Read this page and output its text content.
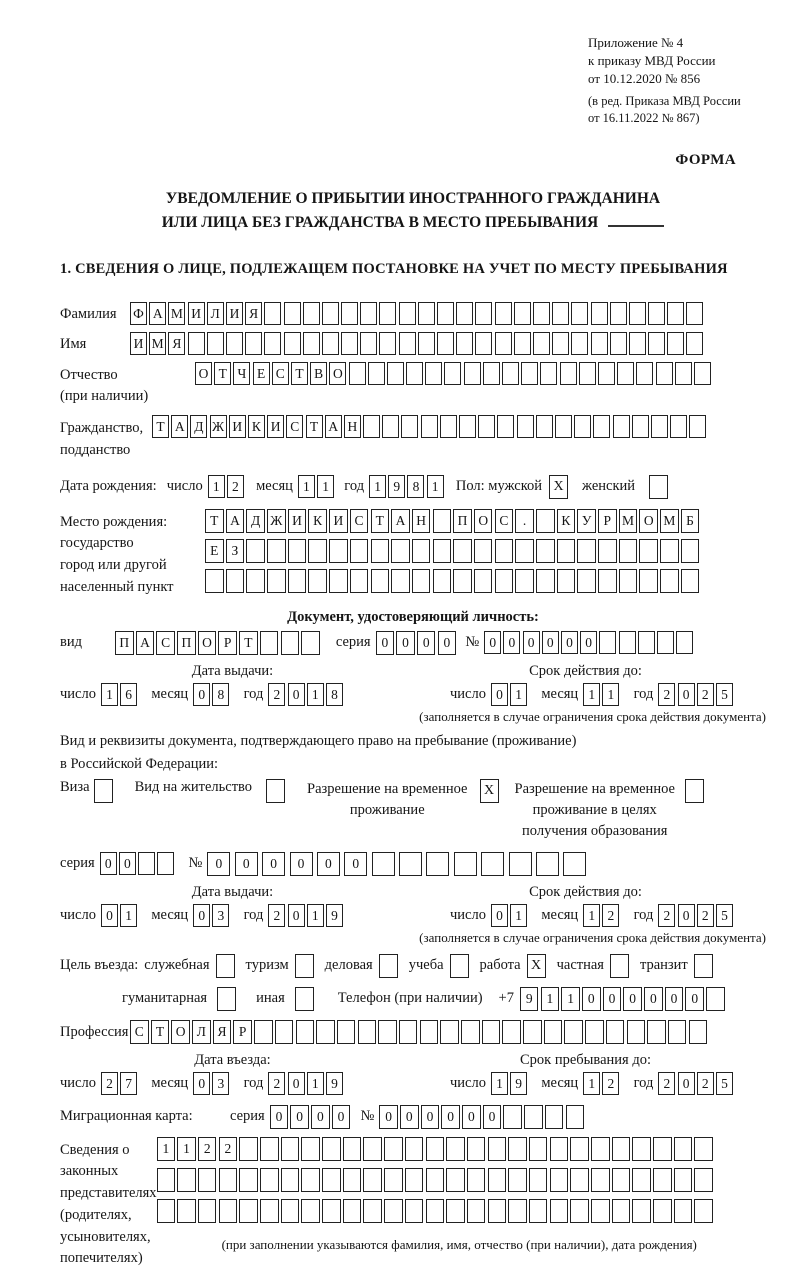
Приложение № 4
к приказу МВД России
от 10.12.2020 № 856
(в ред. Приказа МВД России
от 16.11.2022 № 867)
ФОРМА
УВЕДОМЛЕНИЕ О ПРИБЫТИИ ИНОСТРАННОГО ГРАЖДАНИНА
ИЛИ ЛИЦА БЕЗ ГРАЖДАНСТВА В МЕСТО ПРЕБЫВАНИЯ
1. СВЕДЕНИЯ О ЛИЦЕ, ПОДЛЕЖАЩЕМ ПОСТАНОВКЕ НА УЧЕТ ПО МЕСТУ ПРЕБЫВАНИЯ
Фамилия	Ф А М И Л И Я
Имя	И М Я
Отчество
(при наличии)
О Т Ч Е С Т В О
Гражданство,
подданство
Т А Д Ж И К И С Т А Н
Дата рождения: число 1 2	месяц 1 1	год 1 9 8 1	Пол: мужской X	женский
Место рождения:
государство
город или другой
населенный пункт
Т А Д Ж И К И С Т А Н	П О С	.	К У Р М О М Б
Е З
Документ, удостоверяющий личность:
вид	П А С П О Р Т	серия 0	0	0	0	№ 0 0 0 0 0 0
Дата выдачи:
число 1 6	месяц 0 8	год 2 0 1 8
Срок действия до:
число 0 1	месяц 1 1	год 2 0 2 5
(заполняется в случае ограничения срока действия документа)
Вид и реквизиты документа, подтверждающего право на пребывание (проживание)
в Российской Федерации:
Виза	Вид на жительство	Разрешение на временное
проживание
X	Разрешение на временное
проживание в целях
получения образования
серия 0 0	№ 0	0	0	0	0	0
Дата выдачи:
число 0 1	месяц 0 3	год 2 0 1 9
Срок действия до:
число 0 1	месяц 1 2	год 2 0 2 5
(заполняется в случае ограничения срока действия документа)
Цель въезда: служебная туризм деловая учеба работа X	частная транзит
гуманитарная	иная	Телефон (при наличии) +7 9	1	1	0	0	0	0	0	0
Профессия С Т О Л Я Р
Дата въезда:
число 2 7	месяц 0 3	год 2 0 1 9
Срок пребывания до:
число 1 9	месяц 1 2	год 2 0 2 5
Миграционная карта:	серия 0	0	0	0	№ 0	0	0	0	0	0
Сведения о
законных
представителях
(родителях,
усыновителях,
попечителях)
1	1	2	2
(при заполнении указываются фамилия, имя, отчество (при наличии), дата рождения)
